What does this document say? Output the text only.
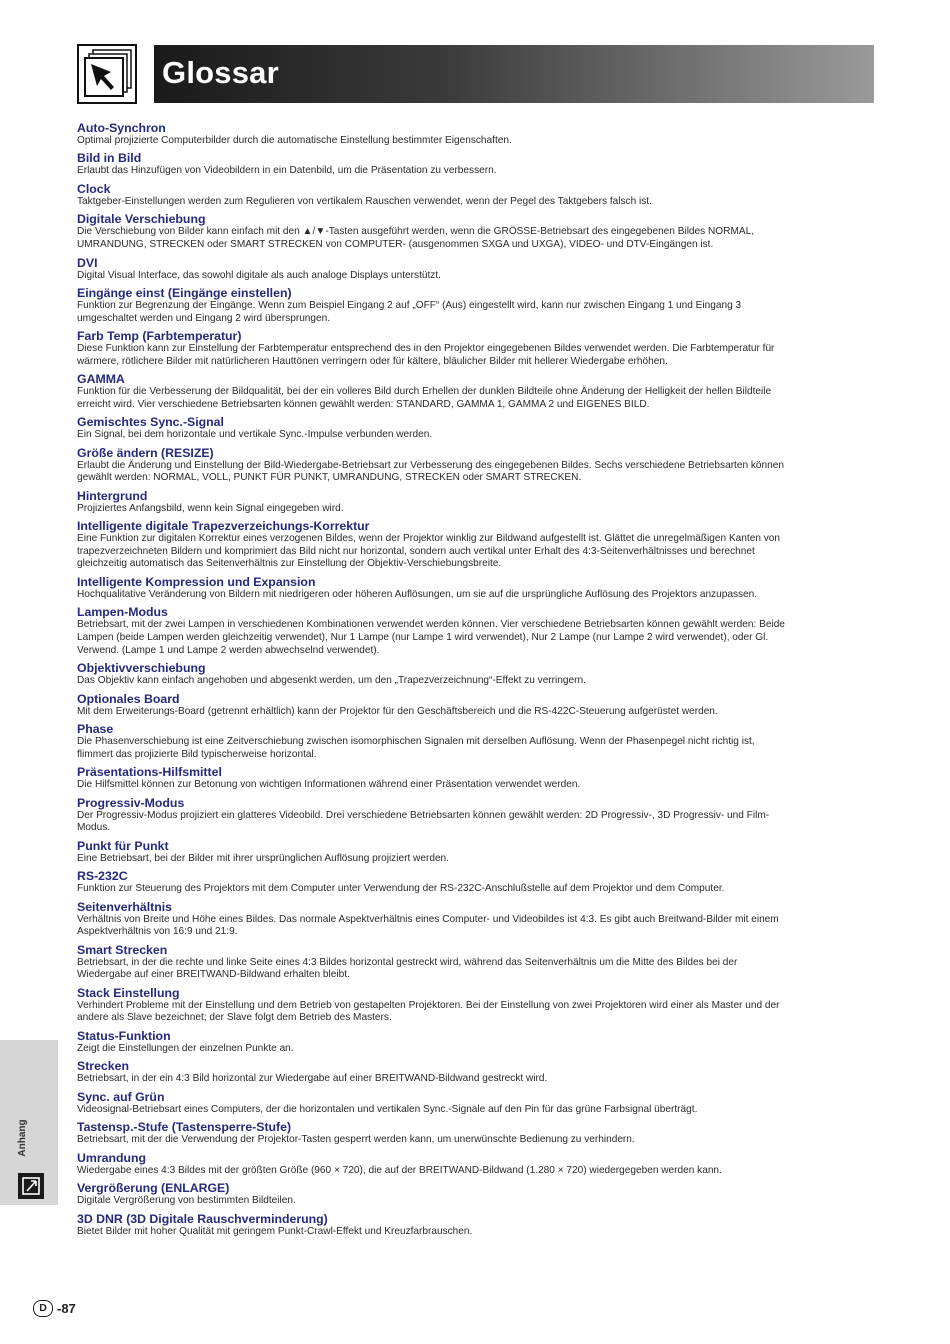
Glossar
Auto-Synchron
Optimal projizierte Computerbilder durch die automatische Einstellung bestimmter Eigenschaften.
Bild in Bild
Erlaubt das Hinzufügen von Videobildern in ein Datenbild, um die Präsentation zu verbessern.
Clock
Taktgeber-Einstellungen werden zum Regulieren von vertikalem Rauschen verwendet, wenn der Pegel des Taktgebers falsch ist.
Digitale Verschiebung
Die Verschiebung von Bilder kann einfach mit den ▲/▼-Tasten ausgeführt werden, wenn die GRÖSSE-Betriebsart des eingegebenen Bildes NORMAL,
UMRANDUNG, STRECKEN oder SMART STRECKEN von COMPUTER- (ausgenommen SXGA und UXGA), VIDEO- und DTV-Eingängen ist.
DVI
Digital Visual Interface, das sowohl digitale als auch analoge Displays unterstützt.
Eingänge einst (Eingänge einstellen)
Funktion zur Begrenzung der Eingänge. Wenn zum Beispiel Eingang 2 auf „OFF“ (Aus) eingestellt wird, kann nur zwischen Eingang 1 und Eingang 3
umgeschaltet werden und Eingang 2 wird übersprungen.
Farb Temp (Farbtemperatur)
Diese Funktion kann zur Einstellung der Farbtemperatur entsprechend des in den Projektor eingegebenen Bildes verwendet werden. Die Farbtemperatur für
wärmere, rötlichere Bilder mit natürlicheren Hauttönen verringern oder für kältere, bläulicher Bilder mit hellerer Wiedergabe erhöhen.
GAMMA
Funktion für die Verbesserung der Bildqualität, bei der ein volleres Bild durch Erhellen der dunklen Bildteile ohne Änderung der Helligkeit der hellen Bildteile
erreicht wird. Vier verschiedene Betriebsarten können gewählt werden: STANDARD, GAMMA 1, GAMMA 2 und EIGENES BILD.
Gemischtes Sync.-Signal
Ein Signal, bei dem horizontale und vertikale Sync.-Impulse verbunden werden.
Größe ändern (RESIZE)
Erlaubt die Änderung und Einstellung der Bild-Wiedergabe-Betriebsart zur Verbesserung des eingegebenen Bildes. Sechs verschiedene Betriebsarten können
gewählt werden: NORMAL, VOLL, PUNKT FÜR PUNKT, UMRANDUNG, STRECKEN oder SMART STRECKEN.
Hintergrund
Projiziertes Anfangsbild, wenn kein Signal eingegeben wird.
Intelligente digitale Trapezverzeichungs-Korrektur
Eine Funktion zur digitalen Korrektur eines verzogenen Bildes, wenn der Projektor winklig zur Bildwand aufgestellt ist. Glättet die unregelmäßigen Kanten von
trapezverzeichneten Bildern und komprimiert das Bild nicht nur horizontal, sondern auch vertikal unter Erhalt des 4:3-Seitenverhältnisses und berechnet
gleichzeitig automatisch das Seitenverhältnis zur Einstellung der Objektiv-Verschiebungsbreite.
Intelligente Kompression und Expansion
Hochqualitative Veränderung von Bildern mit niedrigeren oder höheren Auflösungen, um sie auf die ursprüngliche Auflösung des Projektors anzupassen.
Lampen-Modus
Betriebsart, mit der zwei Lampen in verschiedenen Kombinationen verwendet werden können. Vier verschiedene Betriebsarten können gewählt werden: Beide
Lampen (beide Lampen werden gleichzeitig verwendet), Nur 1 Lampe (nur Lampe 1 wird verwendet), Nur 2 Lampe (nur Lampe 2 wird verwendet), oder Gl.
Verwend. (Lampe 1 und Lampe 2 werden abwechselnd verwendet).
Objektivverschiebung
Das Objektiv kann einfach angehoben und abgesenkt werden, um den „Trapezverzeichnung“-Effekt zu verringern.
Optionales Board
Mit dem Erweiterungs-Board (getrennt erhältlich) kann der Projektor für den Geschäftsbereich und die RS-422C-Steuerung aufgerüstet werden.
Phase
Die Phasenverschiebung ist eine Zeitverschiebung zwischen isomorphischen Signalen mit derselben Auflösung. Wenn der Phasenpegel nicht richtig ist,
flimmert das projizierte Bild typischerweise horizontal.
Präsentations-Hilfsmittel
Die Hilfsmittel können zur Betonung von wichtigen Informationen während einer Präsentation verwendet werden.
Progressiv-Modus
Der Progressiv-Modus projiziert ein glatteres Videobild. Drei verschiedene Betriebsarten können gewählt werden: 2D Progressiv-, 3D Progressiv- und Film-
Modus.
Punkt für Punkt
Eine Betriebsart, bei der Bilder mit ihrer ursprünglichen Auflösung projiziert werden.
RS-232C
Funktion zur Steuerung des Projektors mit dem Computer unter Verwendung der RS-232C-Anschlußstelle auf dem Projektor und dem Computer.
Seitenverhältnis
Verhältnis von Breite und Höhe eines Bildes. Das normale Aspektverhältnis eines Computer- und Videobildes ist 4:3. Es gibt auch Breitwand-Bilder mit einem
Aspektverhältnis von 16:9 und 21:9.
Smart Strecken
Betriebsart, in der die rechte und linke Seite eines 4:3 Bildes horizontal gestreckt wird, während das Seitenverhältnis um die Mitte des Bildes bei der
Wiedergabe auf einer BREITWAND-Bildwand erhalten bleibt.
Stack Einstellung
Verhindert Probleme mit der Einstellung und dem Betrieb von gestapelten Projektoren. Bei der Einstellung von zwei Projektoren wird einer als Master und der
andere als Slave bezeichnet; der Slave folgt dem Betrieb des Masters.
Status-Funktion
Zeigt die Einstellungen der einzelnen Punkte an.
Strecken
Betriebsart, in der ein 4:3 Bild horizontal zur Wiedergabe auf einer BREITWAND-Bildwand gestreckt wird.
Sync. auf Grün
Videosignal-Betriebsart eines Computers, der die horizontalen und vertikalen Sync.-Signale auf den Pin für das grüne Farbsignal überträgt.
Tastensp.-Stufe (Tastensperre-Stufe)
Betriebsart, mit der die Verwendung der Projektor-Tasten gesperrt werden kann, um unerwünschte Bedienung zu verhindern.
Umrandung
Wiedergabe eines 4:3 Bildes mit der größten Größe (960 × 720), die auf der BREITWAND-Bildwand (1.280 × 720) wiedergegeben werden kann.
Vergrößerung (ENLARGE)
Digitale Vergrößerung von bestimmten Bildteilen.
3D DNR (3D Digitale Rauschverminderung)
Bietet Bilder mit hoher Qualität mit geringem Punkt-Crawl-Effekt und Kreuzfarbrauschen.
Anhang
D -87
